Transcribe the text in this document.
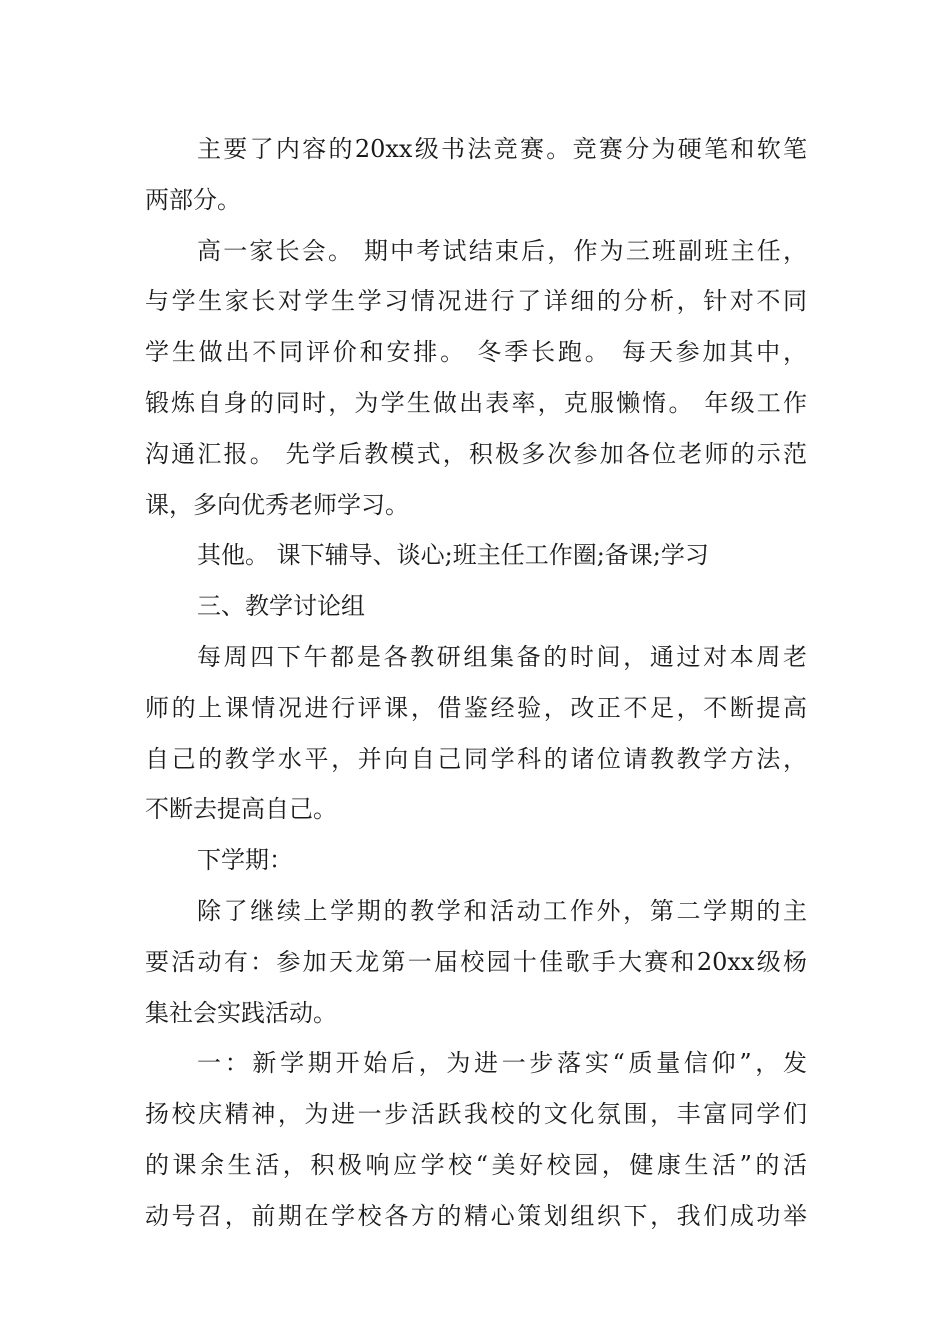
主要了内容的20xx级书法竞赛。竞赛分为硬笔和软笔
两部分。
高一家长会。 期中考试结束后，作为三班副班主任，
与学生家长对学生学习情况进行了详细的分析，针对不同
学生做出不同评价和安排。 冬季长跑。 每天参加其中，
锻炼自身的同时，为学生做出表率，克服懒惰。 年级工作
沟通汇报。 先学后教模式，积极多次参加各位老师的示范
课，多向优秀老师学习。
其他。 课下辅导、谈心;班主任工作圈;备课;学习
三、教学讨论组
每周四下午都是各教研组集备的时间，通过对本周老
师的上课情况进行评课，借鉴经验，改正不足，不断提高
自己的教学水平，并向自己同学科的诸位请教教学方法，
不断去提高自己。
下学期：
除了继续上学期的教学和活动工作外，第二学期的主
要活动有：参加天龙第一届校园十佳歌手大赛和20xx级杨
集社会实践活动。
一：新学期开始后，为进一步落实“质量信仰”，发
扬校庆精神，为进一步活跃我校的文化氛围，丰富同学们
的课余生活，积极响应学校“美好校园，健康生活”的活
动号召，前期在学校各方的精心策划组织下，我们成功举
